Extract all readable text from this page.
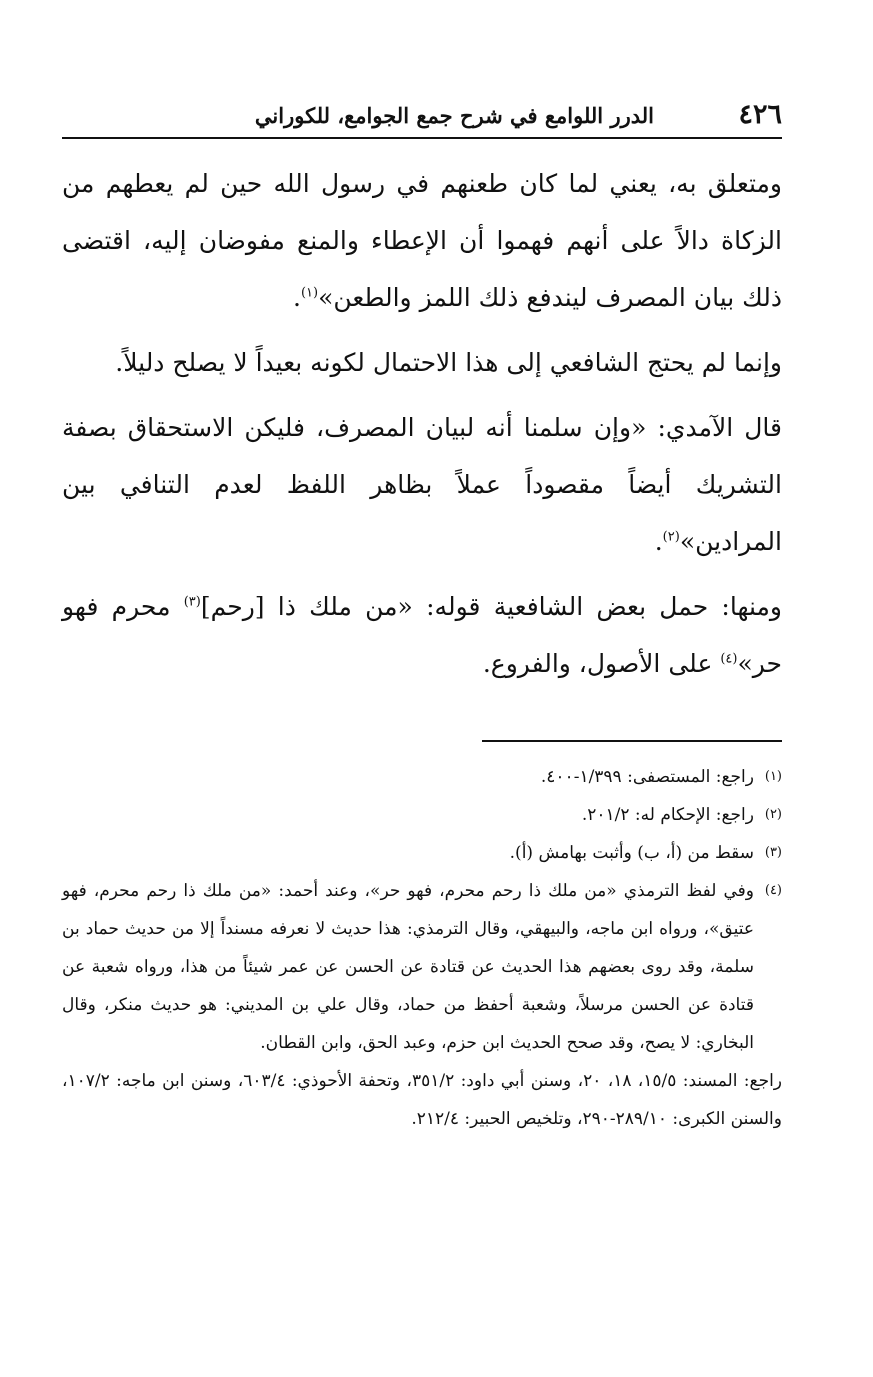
٤٢٦
الدرر اللوامع في شرح جمع الجوامع، للكوراني

ومتعلق به، يعني لما كان طعنهم في رسول الله حين لم يعطهم من الزكاة دالاً على أنهم فهموا أن الإعطاء والمنع مفوضان إليه، اقتضى ذلك بيان المصرف ليندفع ذلك اللمز والطعن»$^{(١)}$.

وإنما لم يحتج الشافعي إلى هذا الاحتمال لكونه بعيداً لا يصلح دليلاً.

قال الآمدي: «وإن سلمنا أنه لبيان المصرف، فليكن الاستحقاق بصفة التشريك أيضاً مقصوداً عملاً بظاهر اللفظ لعدم التنافي بين المرادين»$^{(٢)}$.

ومنها: حمل بعض الشافعية قوله: «من ملك ذا [رحم]$^{(٣)}$ محرم فهو حر»$^{(٤)}$ على الأصول، والفروع.

(١)
راجع: المستصفى: ١/٣٩٩-٤٠٠.
(٢)
راجع: الإحكام له: ٢٠١/٢.
(٣)
سقط من (أ، ب) وأثبت بهامش (أ).
(٤)
وفي لفظ الترمذي «من ملك ذا رحم محرم، فهو حر»، وعند أحمد: «من ملك ذا رحم محرم، فهو عتيق»، ورواه ابن ماجه، والبيهقي، وقال الترمذي: هذا حديث لا نعرفه مسنداً إلا من حديث حماد بن سلمة، وقد روى بعضهم هذا الحديث عن قتادة عن الحسن عن عمر شيئاً من هذا، ورواه شعبة عن قتادة عن الحسن مرسلاً، وشعبة أحفظ من حماد، وقال علي بن المديني: هو حديث منكر، وقال البخاري: لا يصح، وقد صحح الحديث ابن حزم، وعبد الحق، وابن القطان.

راجع: المسند: ١٥/٥، ١٨، ٢٠، وسنن أبي داود: ٣٥١/٢، وتحفة الأحوذي: ٦٠٣/٤، وسنن ابن ماجه: ١٠٧/٢، والسنن الكبرى: ٢٨٩/١٠-٢٩٠، وتلخيص الحبير: ٢١٢/٤.
